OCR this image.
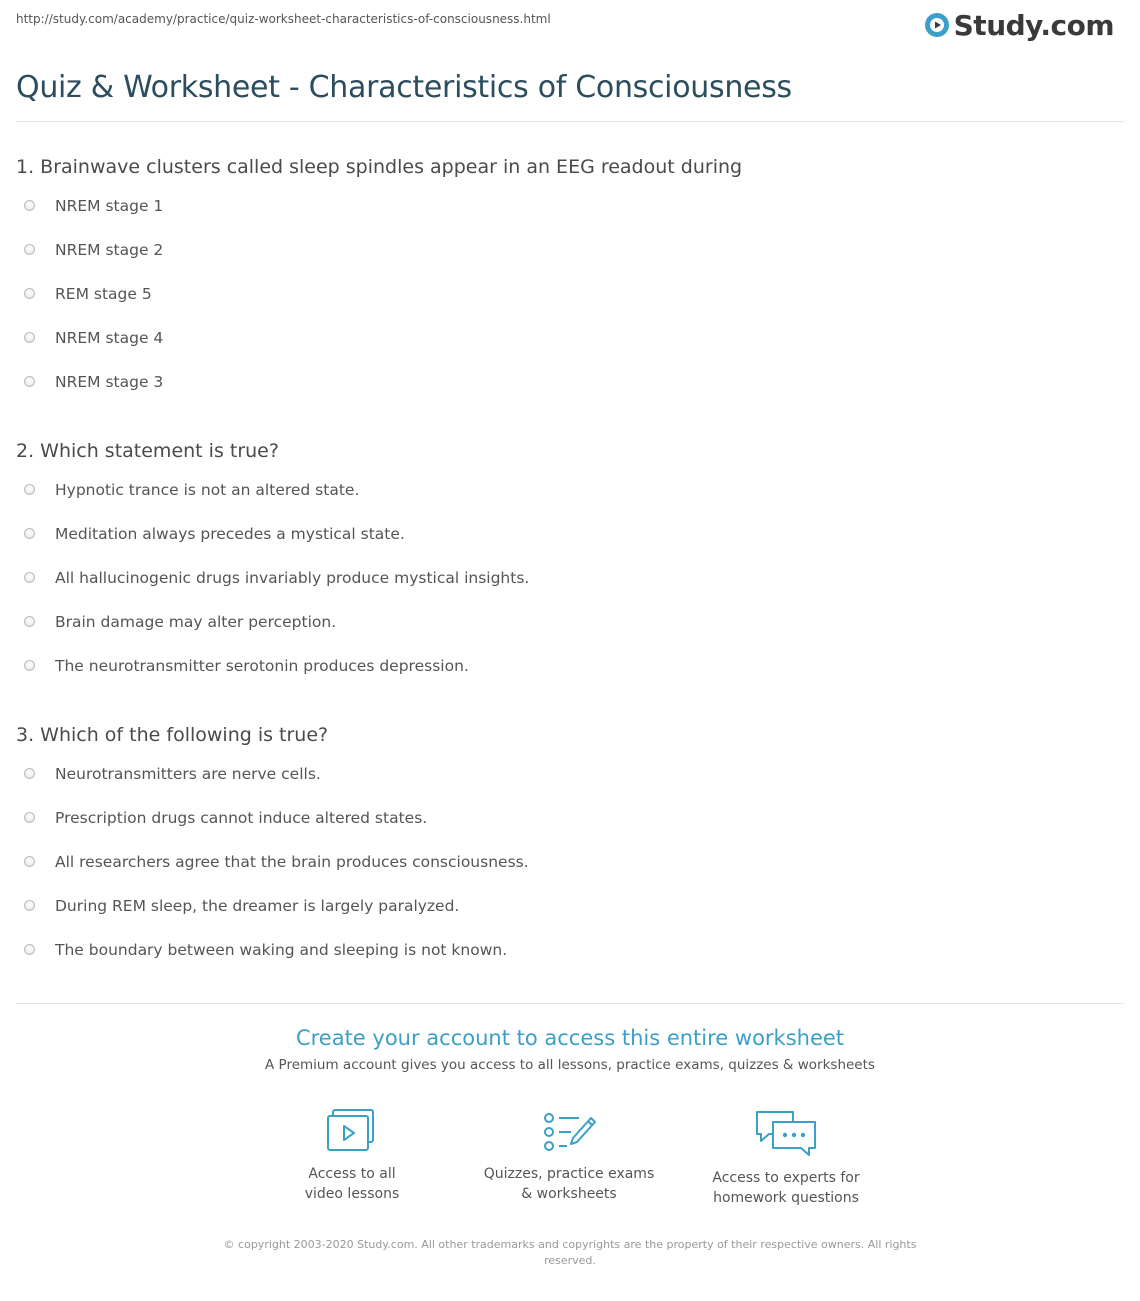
http://study.com/academy/practice/quiz-worksheet-characteristics-of-consciousness.html	Study.com
Quiz & Worksheet - Characteristics of Consciousness
1. Brainwave clusters called sleep spindles appear in an EEG readout during
NREM stage 1
NREM stage 2
REM stage 5
NREM stage 4
NREM stage 3
2. Which statement is true?
Hypnotic trance is not an altered state.
Meditation always precedes a mystical state.
All hallucinogenic drugs invariably produce mystical insights.
Brain damage may alter perception.
The neurotransmitter serotonin produces depression.
3. Which of the following is true?
Neurotransmitters are nerve cells.
Prescription drugs cannot induce altered states.
All researchers agree that the brain produces consciousness.
During REM sleep, the dreamer is largely paralyzed.
The boundary between waking and sleeping is not known.
Create your account to access this entire worksheet
A Premium account gives you access to all lessons, practice exams, quizzes & worksheets
Access to all
video lessons
Quizzes, practice exams
& worksheets
Access to experts for
homework questions
© copyright 2003-2020 Study.com. All other trademarks and copyrights are the property of their respective owners. All rights
reserved.
